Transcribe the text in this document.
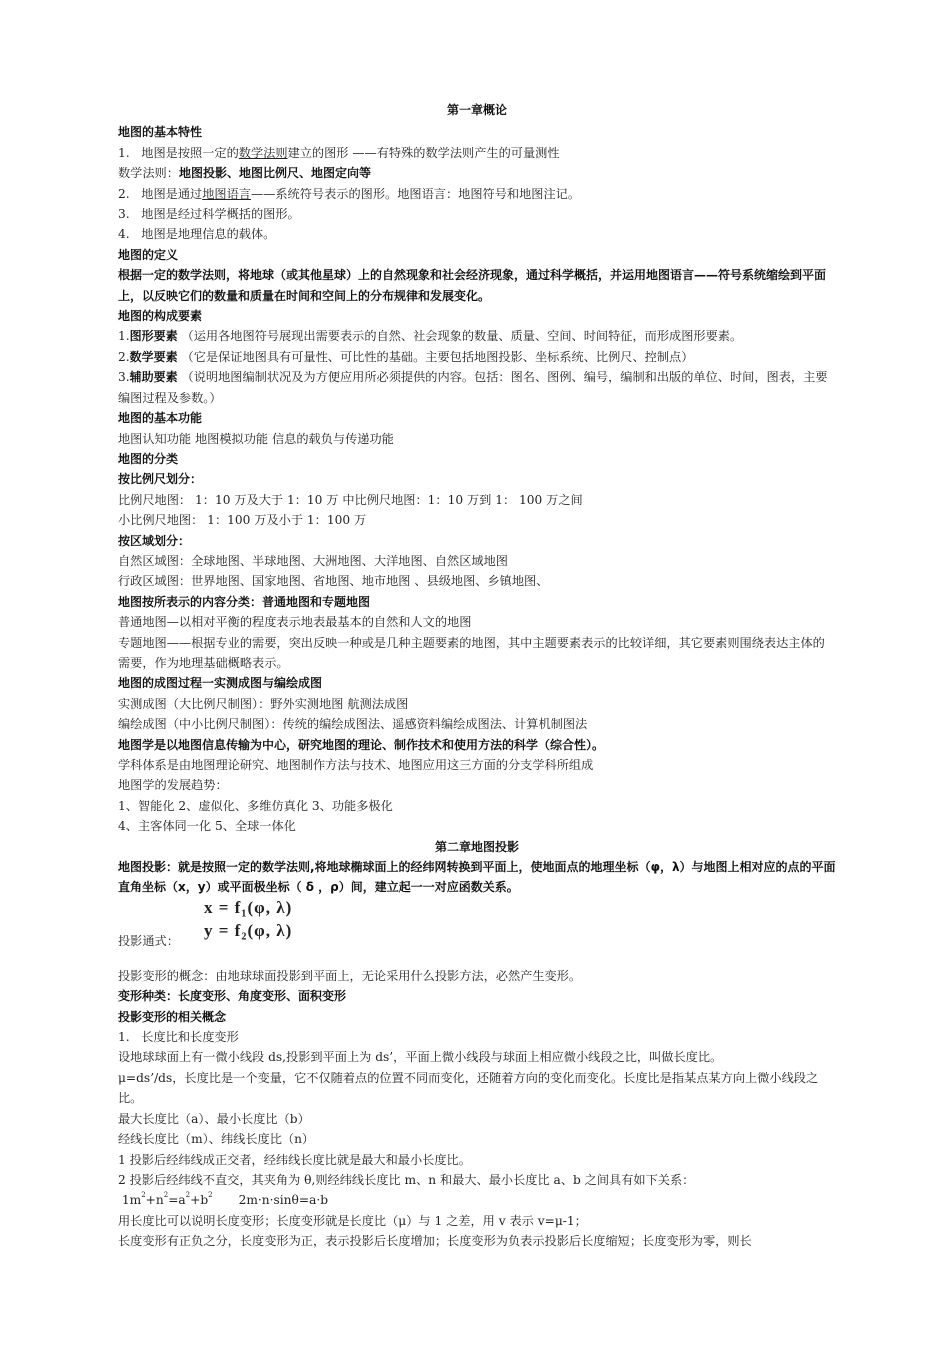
第一章概论
地图的基本特性
1.   地图是按照一定的数学法则建立的图形 ——有特殊的数学法则产生的可量测性
数学法则：地图投影、地图比例尺、地图定向等
2.   地图是通过地图语言——系统符号表示的图形。地图语言：地图符号和地图注记。
3.   地图是经过科学概括的图形。
4.   地图是地理信息的载体。
地图的定义
根据一定的数学法则，将地球（或其他星球）上的自然现象和社会经济现象，通过科学概括，并运用地图语言——符号系统缩绘到平面上，以反映它们的数量和质量在时间和空间上的分布规律和发展变化。
地图的构成要素
1.图形要素 （运用各地图符号展现出需要表示的自然、社会现象的数量、质量、空间、时间特征，而形成图形要素。
2.数学要素 （它是保证地图具有可量性、可比性的基础。主要包括地图投影、坐标系统、比例尺、控制点）
3.辅助要素 （说明地图编制状况及为方便应用所必须提供的内容。包括：图名、图例、编号，编制和出版的单位、时间，图表，主要编图过程及参数。）
地图的基本功能
地图认知功能 地图模拟功能 信息的载负与传递功能
地图的分类
按比例尺划分：
比例尺地图： 1：10 万及大于 1：10 万 中比例尺地图：1：10 万到 1： 100 万之间
小比例尺地图： 1：100 万及小于 1：100 万
按区域划分：
自然区域图：全球地图、半球地图、大洲地图、大洋地图、自然区域地图
行政区域图：世界地图、国家地图、省地图、地市地图 、县级地图、乡镇地图、
地图按所表示的内容分类：普通地图和专题地图
普通地图—以相对平衡的程度表示地表最基本的自然和人文的地图
专题地图——根据专业的需要，突出反映一种或是几种主题要素的地图，其中主题要素表示的比较详细，其它要素则围绕表达主体的需要，作为地理基础概略表示。
地图的成图过程一实测成图与编绘成图
实测成图（大比例尺制图）：野外实测地图 航测法成图
编绘成图（中小比例尺制图）：传统的编绘成图法、遥感资料编绘成图法、计算机制图法
地图学是以地图信息传输为中心，研究地图的理论、制作技术和使用方法的科学（综合性）。
学科体系是由地图理论研究、地图制作方法与技术、地图应用这三方面的分支学科所组成
地图学的发展趋势：
1、智能化 2、虚似化、多维仿真化 3、功能多极化
4、主客体同一化 5、全球一体化
第二章地图投影
地图投影：就是按照一定的数学法则,将地球椭球面上的经纬网转换到平面上，使地面点的地理坐标（φ，λ）与地图上相对应的点的平面直角坐标（x，y）或平面极坐标（ δ ，ρ）间，建立起一一对应函数关系。
x = f₁(φ, λ)
y = f₂(φ, λ)
投影通式：
投影变形的概念：由地球球面投影到平面上，无论采用什么投影方法，必然产生变形。
变形种类：长度变形、角度变形、面积变形
投影变形的相关概念
1.   长度比和长度变形
设地球球面上有一微小线段 ds,投影到平面上为 ds’，平面上微小线段与球面上相应微小线段之比，叫做长度比。
μ=ds’/ds，长度比是一个变量，它不仅随着点的位置不同而变化，还随着方向的变化而变化。长度比是指某点某方向上微小线段之比。
最大长度比（a）、最小长度比（b）
经线长度比（m）、纬线长度比（n）
1 投影后经纬线成正交者，经纬线长度比就是最大和最小长度比。
2 投影后经纬线不直交，其夹角为 θ,则经纬线长度比 m、n 和最大、最小长度比 a、b 之间具有如下关系：
$1m^2+n^2=a^2+b^2$ 2m·n·sinθ=a·b
用长度比可以说明长度变形；长度变形就是长度比（μ）与 1 之差，用 v 表示 v=μ-1；
长度变形有正负之分，长度变形为正，表示投影后长度增加；长度变形为负表示投影后长度缩短；长度变形为零，则长
